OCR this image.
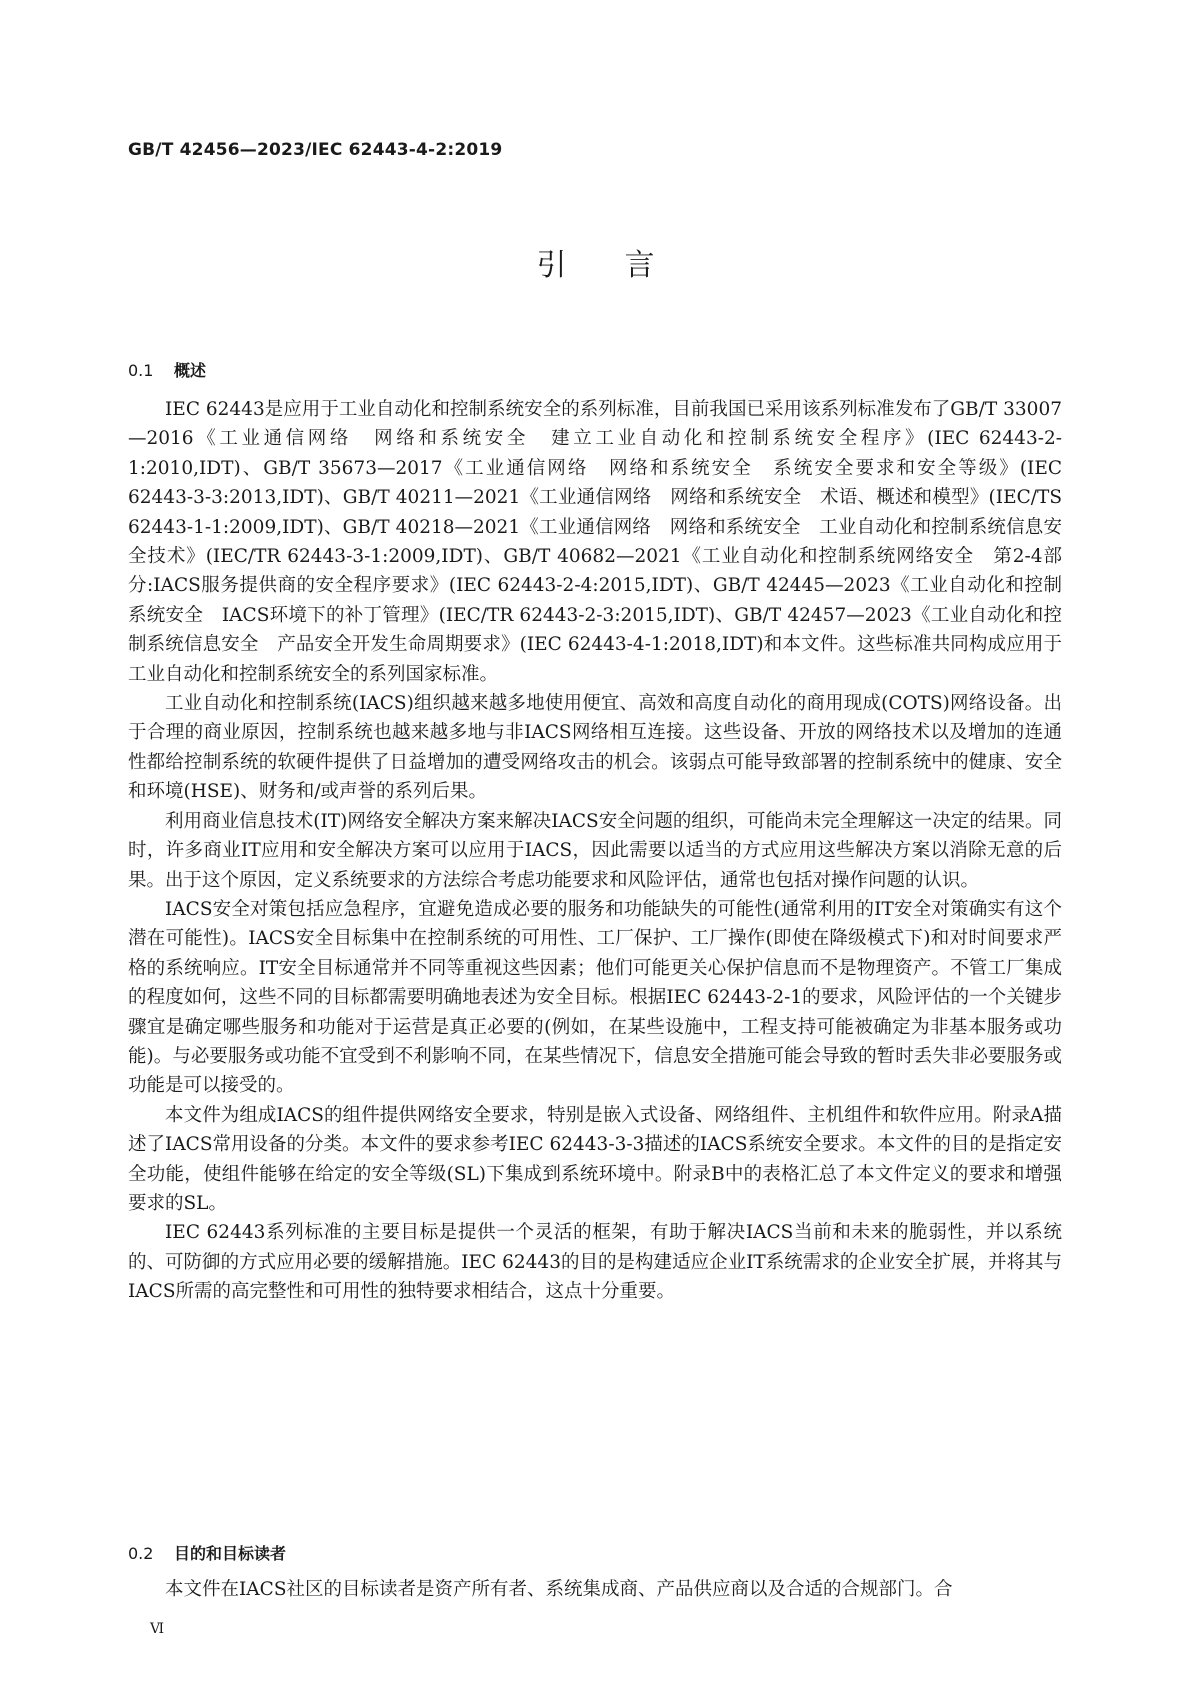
GB/T 42456—2023/IEC 62443-4-2:2019
引言
0.1 概述

IEC 62443是应用于工业自动化和控制系统安全的系列标准，目前我国已采用该系列标准发布了GB/T 33007—2016《工业通信网络　网络和系统安全　建立工业自动化和控制系统安全程序》(IEC 62443-2-1:2010,IDT)、GB/T 35673—2017《工业通信网络　网络和系统安全　系统安全要求和安全等级》(IEC 62443-3-3:2013,IDT)、GB/T 40211—2021《工业通信网络　网络和系统安全　术语、概述和模型》(IEC/TS 62443-1-1:2009,IDT)、GB/T 40218—2021《工业通信网络　网络和系统安全　工业自动化和控制系统信息安全技术》(IEC/TR 62443-3-1:2009,IDT)、GB/T 40682—2021《工业自动化和控制系统网络安全　第2-4部分:IACS服务提供商的安全程序要求》(IEC 62443-2-4:2015,IDT)、GB/T 42445—2023《工业自动化和控制系统安全　IACS环境下的补丁管理》(IEC/TR 62443-2-3:2015,IDT)、GB/T 42457—2023《工业自动化和控制系统信息安全　产品安全开发生命周期要求》(IEC 62443-4-1:2018,IDT)和本文件。这些标准共同构成应用于工业自动化和控制系统安全的系列国家标准。

工业自动化和控制系统(IACS)组织越来越多地使用便宜、高效和高度自动化的商用现成(COTS)网络设备。出于合理的商业原因，控制系统也越来越多地与非IACS网络相互连接。这些设备、开放的网络技术以及增加的连通性都给控制系统的软硬件提供了日益增加的遭受网络攻击的机会。该弱点可能导致部署的控制系统中的健康、安全和环境(HSE)、财务和/或声誉的系列后果。

利用商业信息技术(IT)网络安全解决方案来解决IACS安全问题的组织，可能尚未完全理解这一决定的结果。同时，许多商业IT应用和安全解决方案可以应用于IACS，因此需要以适当的方式应用这些解决方案以消除无意的后果。出于这个原因，定义系统要求的方法综合考虑功能要求和风险评估，通常也包括对操作问题的认识。

IACS安全对策包括应急程序，宜避免造成必要的服务和功能缺失的可能性(通常利用的IT安全对策确实有这个潜在可能性)。IACS安全目标集中在控制系统的可用性、工厂保护、工厂操作(即使在降级模式下)和对时间要求严格的系统响应。IT安全目标通常并不同等重视这些因素；他们可能更关心保护信息而不是物理资产。不管工厂集成的程度如何，这些不同的目标都需要明确地表述为安全目标。根据IEC 62443-2-1的要求，风险评估的一个关键步骤宜是确定哪些服务和功能对于运营是真正必要的(例如，在某些设施中，工程支持可能被确定为非基本服务或功能)。与必要服务或功能不宜受到不利影响不同，在某些情况下，信息安全措施可能会导致的暂时丢失非必要服务或功能是可以接受的。

本文件为组成IACS的组件提供网络安全要求，特别是嵌入式设备、网络组件、主机组件和软件应用。附录A描述了IACS常用设备的分类。本文件的要求参考IEC 62443-3-3描述的IACS系统安全要求。本文件的目的是指定安全功能，使组件能够在给定的安全等级(SL)下集成到系统环境中。附录B中的表格汇总了本文件定义的要求和增强要求的SL。

IEC 62443系列标准的主要目标是提供一个灵活的框架，有助于解决IACS当前和未来的脆弱性，并以系统的、可防御的方式应用必要的缓解措施。IEC 62443的目的是构建适应企业IT系统需求的企业安全扩展，并将其与IACS所需的高完整性和可用性的独特要求相结合，这点十分重要。

0.2 目的和目标读者

本文件在IACS社区的目标读者是资产所有者、系统集成商、产品供应商以及合适的合规部门。合

Ⅵ
